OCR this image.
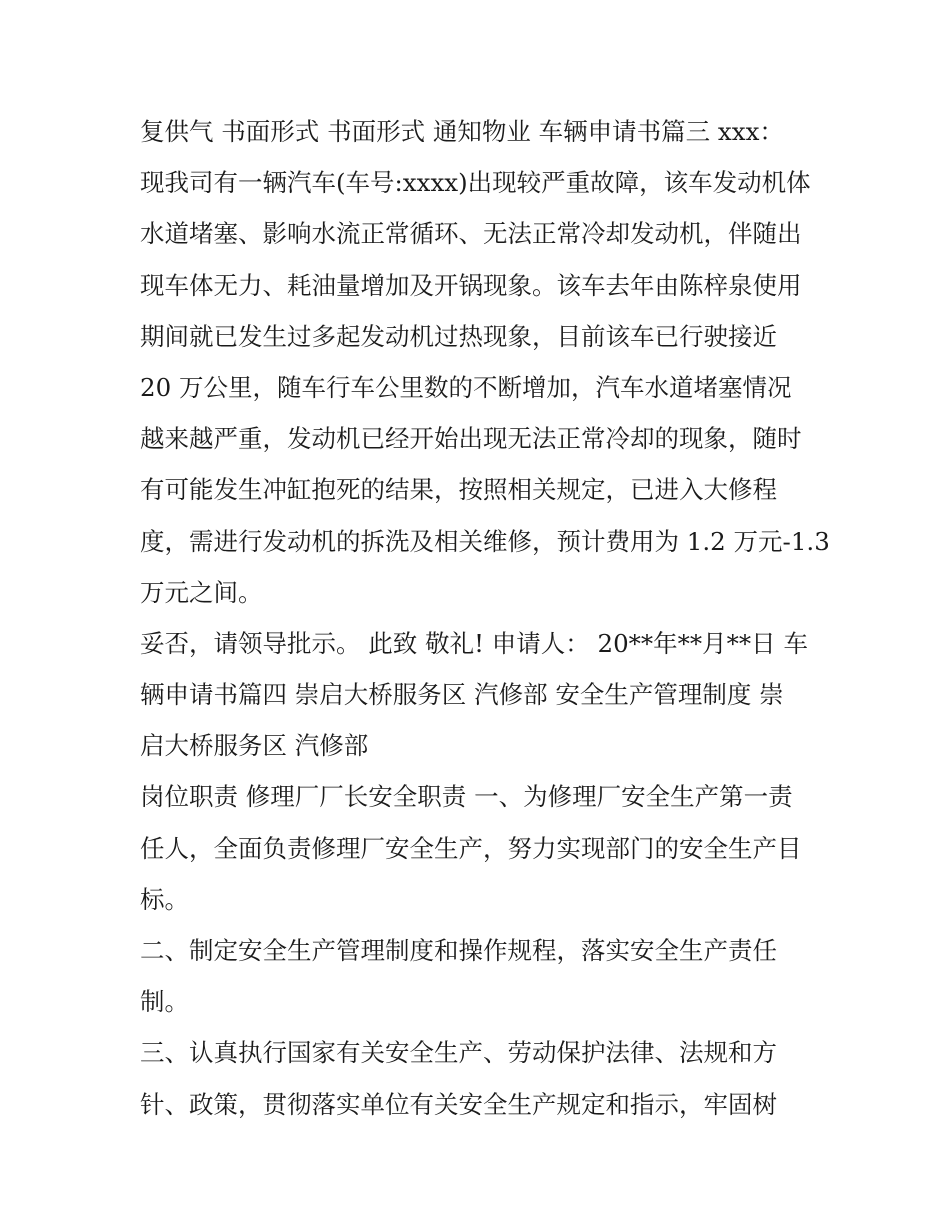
复供气 书面形式 书面形式 通知物业 车辆申请书篇三 xxx：
现我司有一辆汽车(车号:xxxx)出现较严重故障，该车发动机体
水道堵塞、影响水流正常循环、无法正常冷却发动机，伴随出
现车体无力、耗油量增加及开锅现象。该车去年由陈梓泉使用
期间就已发生过多起发动机过热现象，目前该车已行驶接近
20 万公里，随车行车公里数的不断增加，汽车水道堵塞情况
越来越严重，发动机已经开始出现无法正常冷却的现象，随时
有可能发生冲缸抱死的结果，按照相关规定，已进入大修程
度，需进行发动机的拆洗及相关维修，预计费用为 1.2 万元-1.3
万元之间。
妥否，请领导批示。 此致 敬礼! 申请人： 20**年**月**日 车
辆申请书篇四 崇启大桥服务区 汽修部 安全生产管理制度 崇
启大桥服务区 汽修部
岗位职责 修理厂厂长安全职责 一、为修理厂安全生产第一责
任人，全面负责修理厂安全生产，努力实现部门的安全生产目
标。
二、制定安全生产管理制度和操作规程，落实安全生产责任
制。
三、认真执行国家有关安全生产、劳动保护法律、法规和方
针、政策，贯彻落实单位有关安全生产规定和指示，牢固树
